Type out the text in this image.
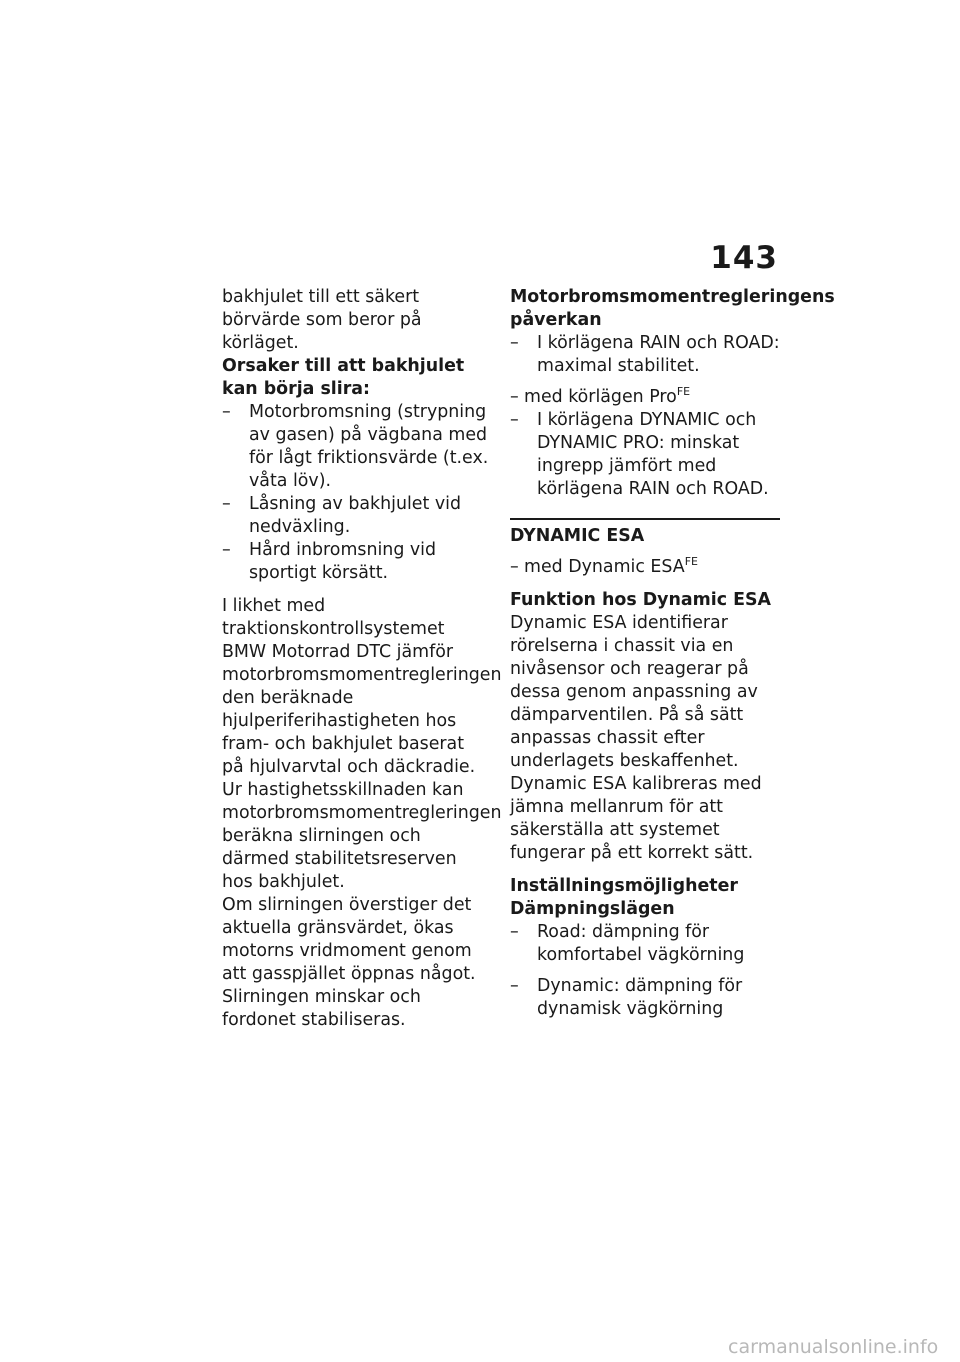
143

bakhjulet till ett säkert börvärde som beror på körläget.

Orsaker till att bakhjulet kan börja slira:

–	Motorbromsning (strypning av gasen) på vägbana med för lågt friktionsvärde (t.ex. våta löv).
–	Låsning av bakhjulet vid nedväxling.
–	Hård inbromsning vid sportigt körsätt.

I likhet med traktionskontrollsystemet BMW Motorrad DTC jämför motorbromsmomentregleringen den beräknade hjulperiferihastigheten hos fram- och bakhjulet baserat på hjulvarvtal och däckradie. Ur hastighetsskillnaden kan motorbromsmomentregleringen beräkna slirningen och därmed stabilitetsreserven hos bakhjulet.

Om slirningen överstiger det aktuella gränsvärdet, ökas motorns vridmoment genom att gasspjället öppnas något. Slirningen minskar och fordonet stabiliseras.

Motorbromsmomentregleringens påverkan

–	I körlägena RAIN och ROAD: maximal stabilitet.
– med körlägen Pro$^{FE}$
–	I körlägena DYNAMIC och DYNAMIC PRO: minskat ingrepp jämfört med körlägena RAIN och ROAD.
DYNAMIC ESA
– med Dynamic $ESA^{FE}$

Funktion hos Dynamic ESA

Dynamic ESA identifierar rörelserna i chassit via en nivåsensor och reagerar på dessa genom anpassning av dämparventilen. På så sätt anpassas chassit efter underlagets beskaffenhet.

Dynamic ESA kalibreras med jämna mellanrum för att säkerställa att systemet fungerar på ett korrekt sätt.

Inställningsmöjligheter

Dämpningslägen

–	Road: dämpning för komfortabel vägkörning
–	Dynamic: dämpning för dynamisk vägkörning
carmanualsonline.info
